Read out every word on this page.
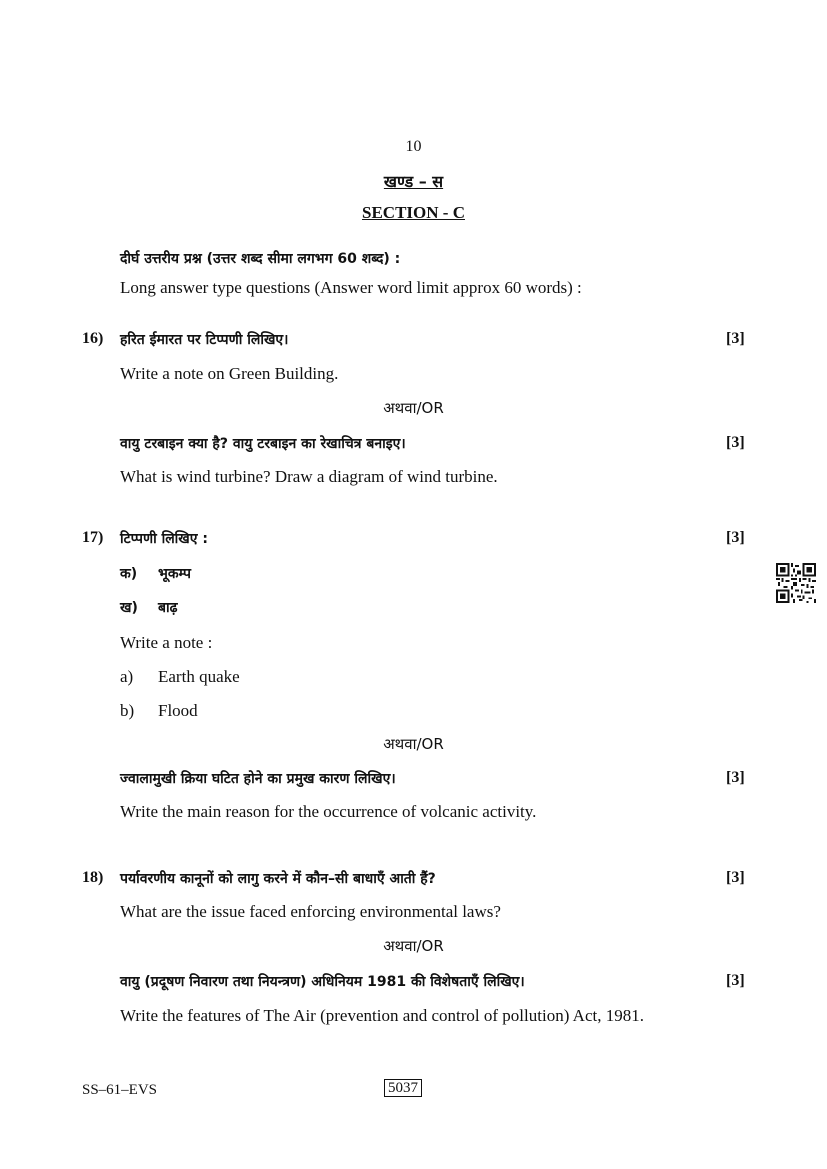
10
खण्ड – स
SECTION - C
दीर्घ उत्तरीय प्रश्न (उत्तर शब्द सीमा लगभग 60 शब्द) :
Long answer type questions (Answer word limit approx 60 words) :
16) हरित ईमारत पर टिप्पणी लिखिए।	[3]
Write a note on Green Building.
अथवा/OR
वायु टरबाइन क्या है? वायु टरबाइन का रेखाचित्र बनाइए।	[3]
What is wind turbine? Draw a diagram of wind turbine.
17) टिप्पणी लिखिए :	[3]
क) भूकम्प
ख) बाढ़
Write a note :
a) Earth quake
b) Flood
अथवा/OR
ज्वालामुखी क्रिया घटित होने का प्रमुख कारण लिखिए।	[3]
Write the main reason for the occurrence of volcanic activity.
18) पर्यावरणीय कानूनों को लागु करने में कौन–सी बाधाएँ आती हैं?	[3]
What are the issue faced enforcing environmental laws?
अथवा/OR
वायु (प्रदूषण निवारण तथा नियन्त्रण) अधिनियम 1981 की विशेषताएँ लिखिए।	[3]
Write the features of The Air (prevention and control of pollution) Act, 1981.
SS–61–EVS	5037
